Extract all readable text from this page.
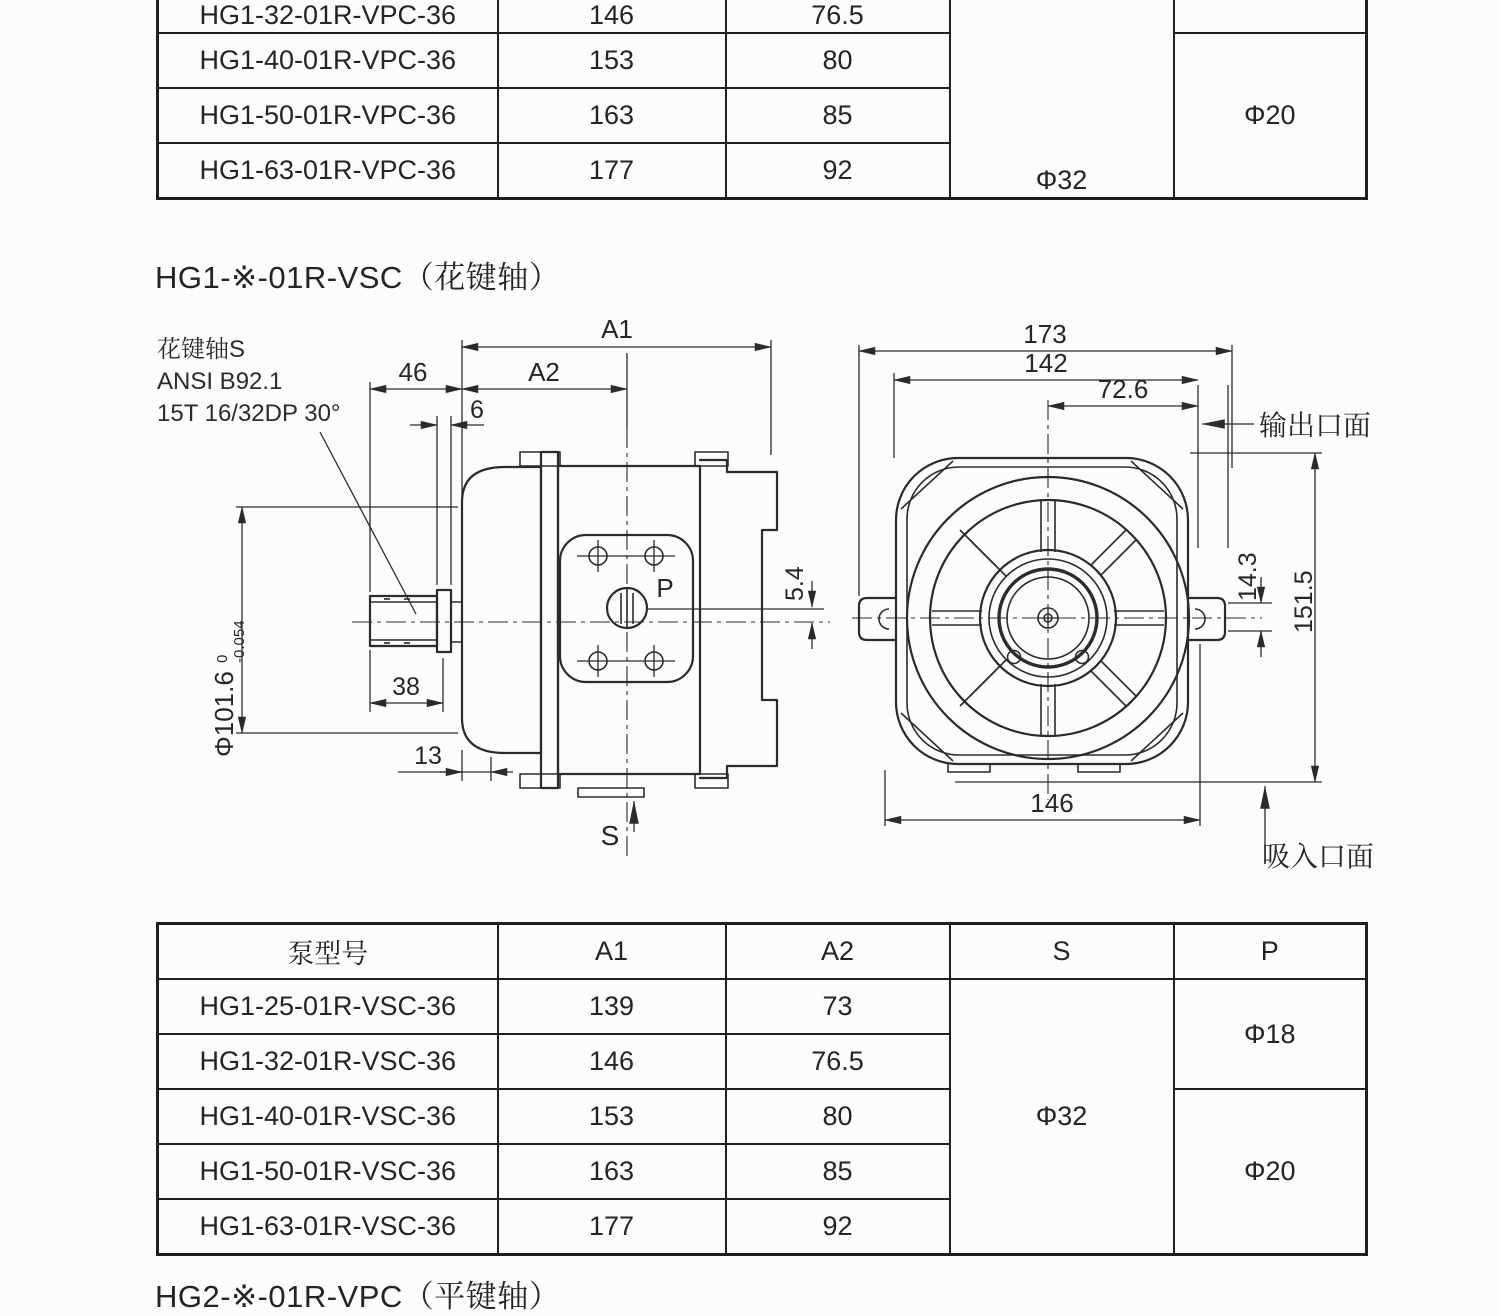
HG1-32-01R-VPC-36	146	76.5	Φ32	
HG1-40-01R-VPC-36	153	80		Φ20
HG1-50-01R-VPC-36	163	85		
HG1-63-01R-VPC-36	177	92		
HG1-※-01R-VSC（花键轴）
花键轴S
ANSI B92.1
15T 16/32DP 30°
A1
A2
46
6
38
13
5.4
Φ101.6
0 -0.054
P
S
173
142
72.6
146
151.5
14.3
输出口面
吸入口面
泵型号	A1	A2	S	P
HG1-25-01R-VSC-36	139	73	Φ32	Φ18
HG1-32-01R-VSC-36	146	76.5		
HG1-40-01R-VSC-36	153	80		Φ20
HG1-50-01R-VSC-36	163	85		
HG1-63-01R-VSC-36	177	92		
HG2-※-01R-VPC（平键轴）
